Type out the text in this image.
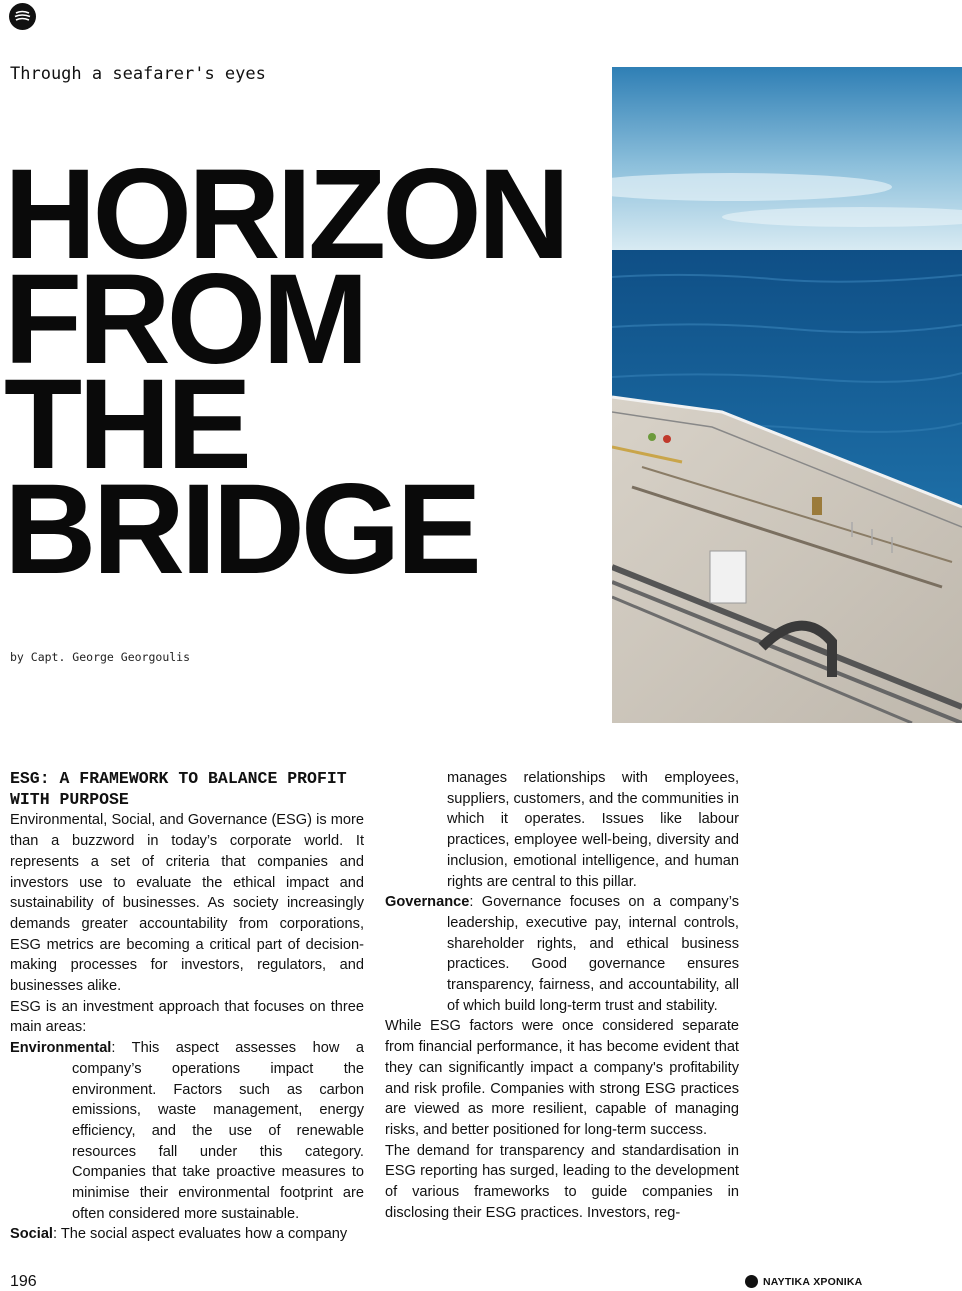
Through a seafarer's eyes
HORIZON
FROM
THE
BRIDGE
by Capt. George Georgoulis
ESG: A FRAMEWORK TO BALANCE PROFIT WITH PURPOSE

Environmental, Social, and Governance (ESG) is more than a buzzword in today’s corporate world. It represents a set of criteria that companies and investors use to evaluate the ethical impact and sustainability of businesses. As society increasingly demands greater accountability from corporations, ESG metrics are becoming a critical part of decision-making processes for investors, regulators, and businesses alike.

ESG is an investment approach that focuses on three main areas:

Environmental: This aspect assesses how a company’s operations impact the environment. Factors such as carbon emissions, waste management, energy efficiency, and the use of renewable resources fall under this category. Companies that take proactive measures to minimise their environmental footprint are often considered more sustainable.

Social: The social aspect evaluates how a company

manages relationships with employees, suppliers, customers, and the communities in which it operates. Issues like labour practices, employee well-being, diversity and inclusion, emotional intelligence, and human rights are central to this pillar.

Governance: Governance focuses on a company’s leadership, executive pay, internal controls, shareholder rights, and ethical business practices. Good governance ensures transparency, fairness, and accountability, all of which build long-term trust and stability.

While ESG factors were once considered separate from financial performance, it has become evident that they can significantly impact a company's profitability and risk profile. Companies with strong ESG practices are viewed as more resilient, capable of managing risks, and better positioned for long-term success.

The demand for transparency and standardisation in ESG reporting has surged, leading to the development of various frameworks to guide companies in disclosing their ESG practices. Investors, reg-

196	ΝΑΥΤΙΚΑ ΧΡΟΝΙΚΑ
